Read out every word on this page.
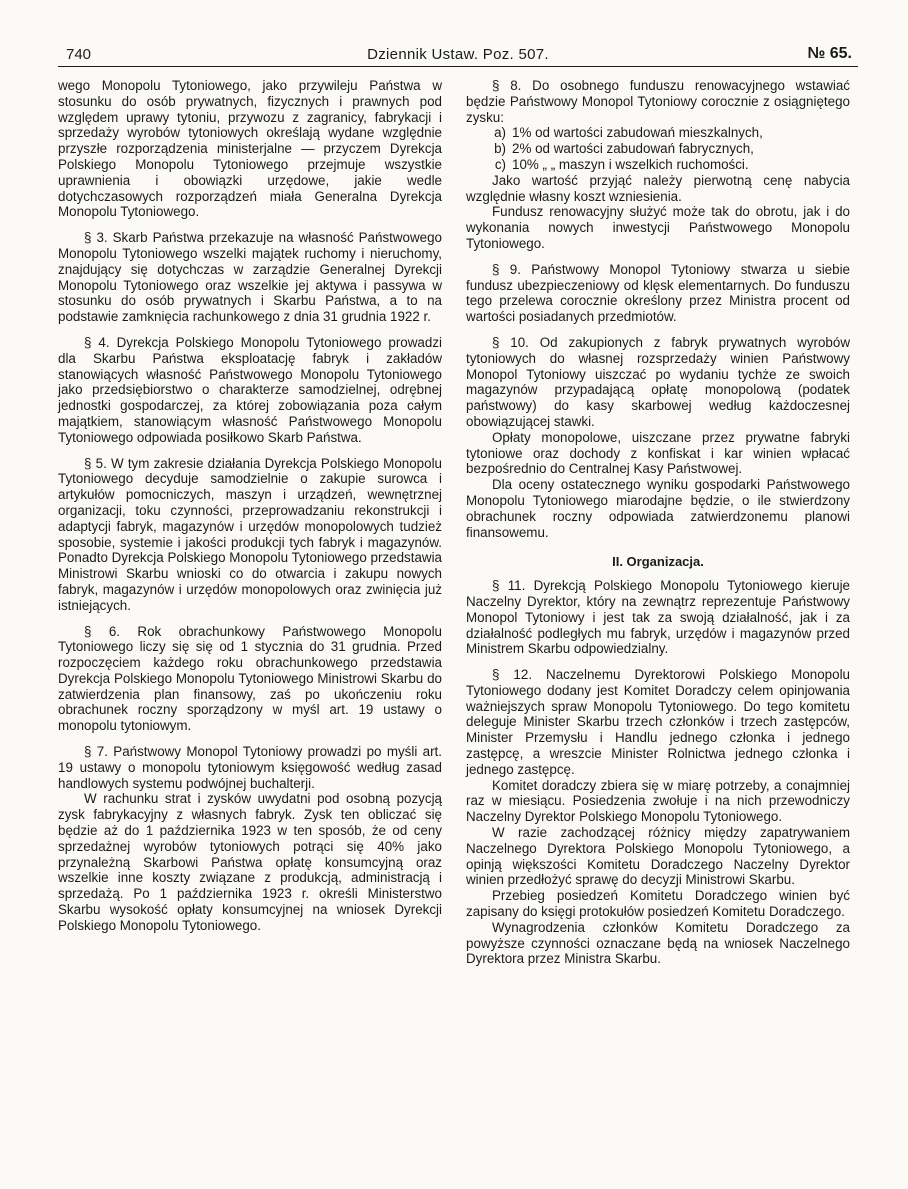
740	Dziennik Ustaw. Poz. 507.	№ 65.

wego Monopolu Tytoniowego, jako przywileju Państwa w stosunku do osób prywatnych, fizycznych i prawnych pod względem uprawy tytoniu, przywozu z zagranicy, fabrykacji i sprzedaży wyrobów tytoniowych określają wydane względnie przyszłe rozporządzenia ministerjalne — przyczem Dyrekcja Polskiego Monopolu Tytoniowego przejmuje wszystkie uprawnienia i obowiązki urzędowe, jakie wedle dotychczasowych rozporządzeń miała Generalna Dyrekcja Monopolu Tytoniowego.

§ 3. Skarb Państwa przekazuje na własność Państwowego Monopolu Tytoniowego wszelki majątek ruchomy i nieruchomy, znajdujący się dotychczas w zarządzie Generalnej Dyrekcji Monopolu Tytoniowego oraz wszelkie jej aktywa i passywa w stosunku do osób prywatnych i Skarbu Państwa, a to na podstawie zamknięcia rachunkowego z dnia 31 grudnia 1922 r.

§ 4. Dyrekcja Polskiego Monopolu Tytoniowego prowadzi dla Skarbu Państwa eksploatację fabryk i zakładów stanowiących własność Państwowego Monopolu Tytoniowego jako przedsiębiorstwo o charakterze samodzielnej, odrębnej jednostki gospodarczej, za której zobowiązania poza całym majątkiem, stanowiącym własność Państwowego Monopolu Tytoniowego odpowiada posiłkowo Skarb Państwa.

§ 5. W tym zakresie działania Dyrekcja Polskiego Monopolu Tytoniowego decyduje samodzielnie o zakupie surowca i artykułów pomocniczych, maszyn i urządzeń, wewnętrznej organizacji, toku czynności, przeprowadzaniu rekonstrukcji i adaptycji fabryk, magazynów i urzędów monopolowych tudzież sposobie, systemie i jakości produkcji tych fabryk i magazynów. Ponadto Dyrekcja Polskiego Monopolu Tytoniowego przedstawia Ministrowi Skarbu wnioski co do otwarcia i zakupu nowych fabryk, magazynów i urzędów monopolowych oraz zwinięcia już istniejących.

§ 6. Rok obrachunkowy Państwowego Monopolu Tytoniowego liczy się się od 1 stycznia do 31 grudnia. Przed rozpoczęciem każdego roku obrachunkowego przedstawia Dyrekcja Polskiego Monopolu Tytoniowego Ministrowi Skarbu do zatwierdzenia plan finansowy, zaś po ukończeniu roku obrachunek roczny sporządzony w myśl art. 19 ustawy o monopolu tytoniowym.

§ 7. Państwowy Monopol Tytoniowy prowadzi po myśli art. 19 ustawy o monopolu tytoniowym księgowość według zasad handlowych systemu podwójnej buchalterji.

W rachunku strat i zysków uwydatni pod osobną pozycją zysk fabrykacyjny z własnych fabryk. Zysk ten obliczać się będzie aż do 1 października 1923 w ten sposób, że od ceny sprzedażnej wyrobów tytoniowych potrąci się 40% jako przynależną Skarbowi Państwa opłatę konsumcyjną oraz wszelkie inne koszty związane z produkcją, administracją i sprzedażą. Po 1 października 1923 r. określi Ministerstwo Skarbu wysokość opłaty konsumcyjnej na wniosek Dyrekcji Polskiego Monopolu Tytoniowego.

§ 8. Do osobnego funduszu renowacyjnego wstawiać będzie Państwowy Monopol Tytoniowy corocznie z osiągniętego zysku:

a) 1% od wartości zabudowań mieszkalnych,
b) 2% od wartości zabudowań fabrycznych,
c) 10% „ „ maszyn i wszelkich ruchomości.

Jako wartość przyjąć należy pierwotną cenę nabycia względnie własny koszt wzniesienia.

Fundusz renowacyjny służyć może tak do obrotu, jak i do wykonania nowych inwestycji Państwowego Monopolu Tytoniowego.

§ 9. Państwowy Monopol Tytoniowy stwarza u siebie fundusz ubezpieczeniowy od klęsk elementarnych. Do funduszu tego przelewa corocznie określony przez Ministra procent od wartości posiadanych przedmiotów.

§ 10. Od zakupionych z fabryk prywatnych wyrobów tytoniowych do własnej rozsprzedaży winien Państwowy Monopol Tytoniowy uiszczać po wydaniu tychże ze swoich magazynów przypadającą opłatę monopolową (podatek państwowy) do kasy skarbowej według każdoczesnej obowiązującej stawki.

Opłaty monopolowe, uiszczane przez prywatne fabryki tytoniowe oraz dochody z konfiskat i kar winien wpłacać bezpośrednio do Centralnej Kasy Państwowej.

Dla oceny ostatecznego wyniku gospodarki Państwowego Monopolu Tytoniowego miarodajne będzie, o ile stwierdzony obrachunek roczny odpowiada zatwierdzonemu planowi finansowemu.

II. Organizacja.

§ 11. Dyrekcją Polskiego Monopolu Tytoniowego kieruje Naczelny Dyrektor, który na zewnątrz reprezentuje Państwowy Monopol Tytoniowy i jest tak za swoją działalność, jak i za działalność podległych mu fabryk, urzędów i magazynów przed Ministrem Skarbu odpowiedzialny.

§ 12. Naczelnemu Dyrektorowi Polskiego Monopolu Tytoniowego dodany jest Komitet Doradczy celem opinjowania ważniejszych spraw Monopolu Tytoniowego. Do tego komitetu deleguje Minister Skarbu trzech członków i trzech zastępców, Minister Przemysłu i Handlu jednego członka i jednego zastępcę, a wreszcie Minister Rolnictwa jednego członka i jednego zastępcę.

Komitet doradczy zbiera się w miarę potrzeby, a conajmniej raz w miesiącu. Posiedzenia zwołuje i na nich przewodniczy Naczelny Dyrektor Polskiego Monopolu Tytoniowego.

W razie zachodzącej różnicy między zapatrywaniem Naczelnego Dyrektora Polskiego Monopolu Tytoniowego, a opinją większości Komitetu Doradczego Naczelny Dyrektor winien przedłożyć sprawę do decyzji Ministrowi Skarbu.

Przebieg posiedzeń Komitetu Doradczego winien być zapisany do księgi protokułów posiedzeń Komitetu Doradczego.

Wynagrodzenia członków Komitetu Doradczego za powyższe czynności oznaczane będą na wniosek Naczelnego Dyrektora przez Ministra Skarbu.
